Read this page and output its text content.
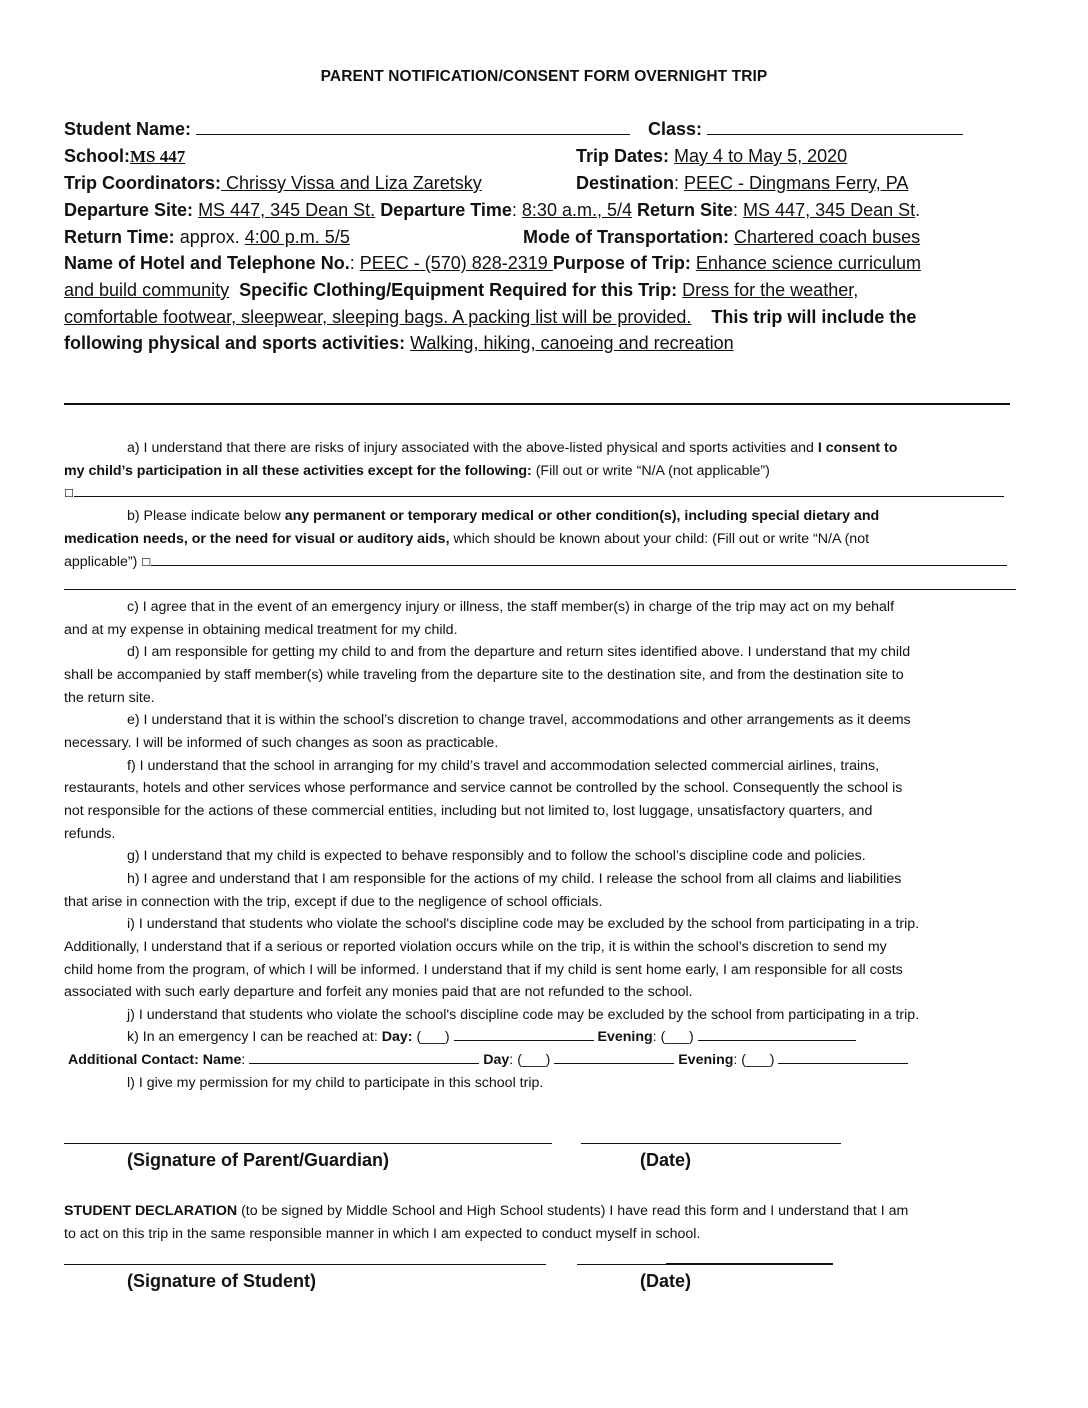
PARENT NOTIFICATION/CONSENT FORM OVERNIGHT TRIP
Student Name:	Class:
School:MS 447	Trip Dates: May 4 to May 5, 2020
Trip Coordinators: Chrissy Vissa and Liza Zaretsky	Destination: PEEC - Dingmans Ferry, PA
Departure Site: MS 447, 345 Dean St. Departure Time: 8:30 a.m., 5/4 Return Site: MS 447, 345 Dean St.
Return Time: approx. 4:00 p.m. 5/5	Mode of Transportation: Chartered coach buses
Name of Hotel and Telephone No.: PEEC - (570) 828-2319 Purpose of Trip: Enhance science curriculum
and build community Specific Clothing/Equipment Required for this Trip: Dress for the weather,
comfortable footwear, sleepwear, sleeping bags. A packing list will be provided. This trip will include the
following physical and sports activities: Walking, hiking, canoeing and recreation
a) I understand that there are risks of injury associated with the above-listed physical and sports activities and I consent to
my child’s participation in all these activities except for the following: (Fill out or write “N/A (not applicable”)
☐
b) Please indicate below any permanent or temporary medical or other condition(s), including special dietary and
medication needs, or the need for visual or auditory aids, which should be known about your child: (Fill out or write “N/A (not
applicable”) ☐
c) I agree that in the event of an emergency injury or illness, the staff member(s) in charge of the trip may act on my behalf
and at my expense in obtaining medical treatment for my child.
d) I am responsible for getting my child to and from the departure and return sites identified above. I understand that my child
shall be accompanied by staff member(s) while traveling from the departure site to the destination site, and from the destination site to
the return site.
e) I understand that it is within the school’s discretion to change travel, accommodations and other arrangements as it deems
necessary. I will be informed of such changes as soon as practicable.
f) I understand that the school in arranging for my child’s travel and accommodation selected commercial airlines, trains,
restaurants, hotels and other services whose performance and service cannot be controlled by the school. Consequently the school is
not responsible for the actions of these commercial entities, including but not limited to, lost luggage, unsatisfactory quarters, and
refunds.
g) I understand that my child is expected to behave responsibly and to follow the school’s discipline code and policies.
h) I agree and understand that I am responsible for the actions of my child. I release the school from all claims and liabilities
that arise in connection with the trip, except if due to the negligence of school officials.
i) I understand that students who violate the school's discipline code may be excluded by the school from participating in a trip.
Additionally, I understand that if a serious or reported violation occurs while on the trip, it is within the school’s discretion to send my
child home from the program, of which I will be informed. I understand that if my child is sent home early, I am responsible for all costs
associated with such early departure and forfeit any monies paid that are not refunded to the school.
j) I understand that students who violate the school's discipline code may be excluded by the school from participating in a trip.
k) In an emergency I can be reached at: Day: (___)	Evening: (___)
Additional Contact: Name:	Day: (___)	Evening: (___)
l) I give my permission for my child to participate in this school trip.
(Signature of Parent/Guardian)	(Date)
STUDENT DECLARATION (to be signed by Middle School and High School students) I have read this form and I understand that I am
to act on this trip in the same responsible manner in which I am expected to conduct myself in school.
(Signature of Student)	(Date)
